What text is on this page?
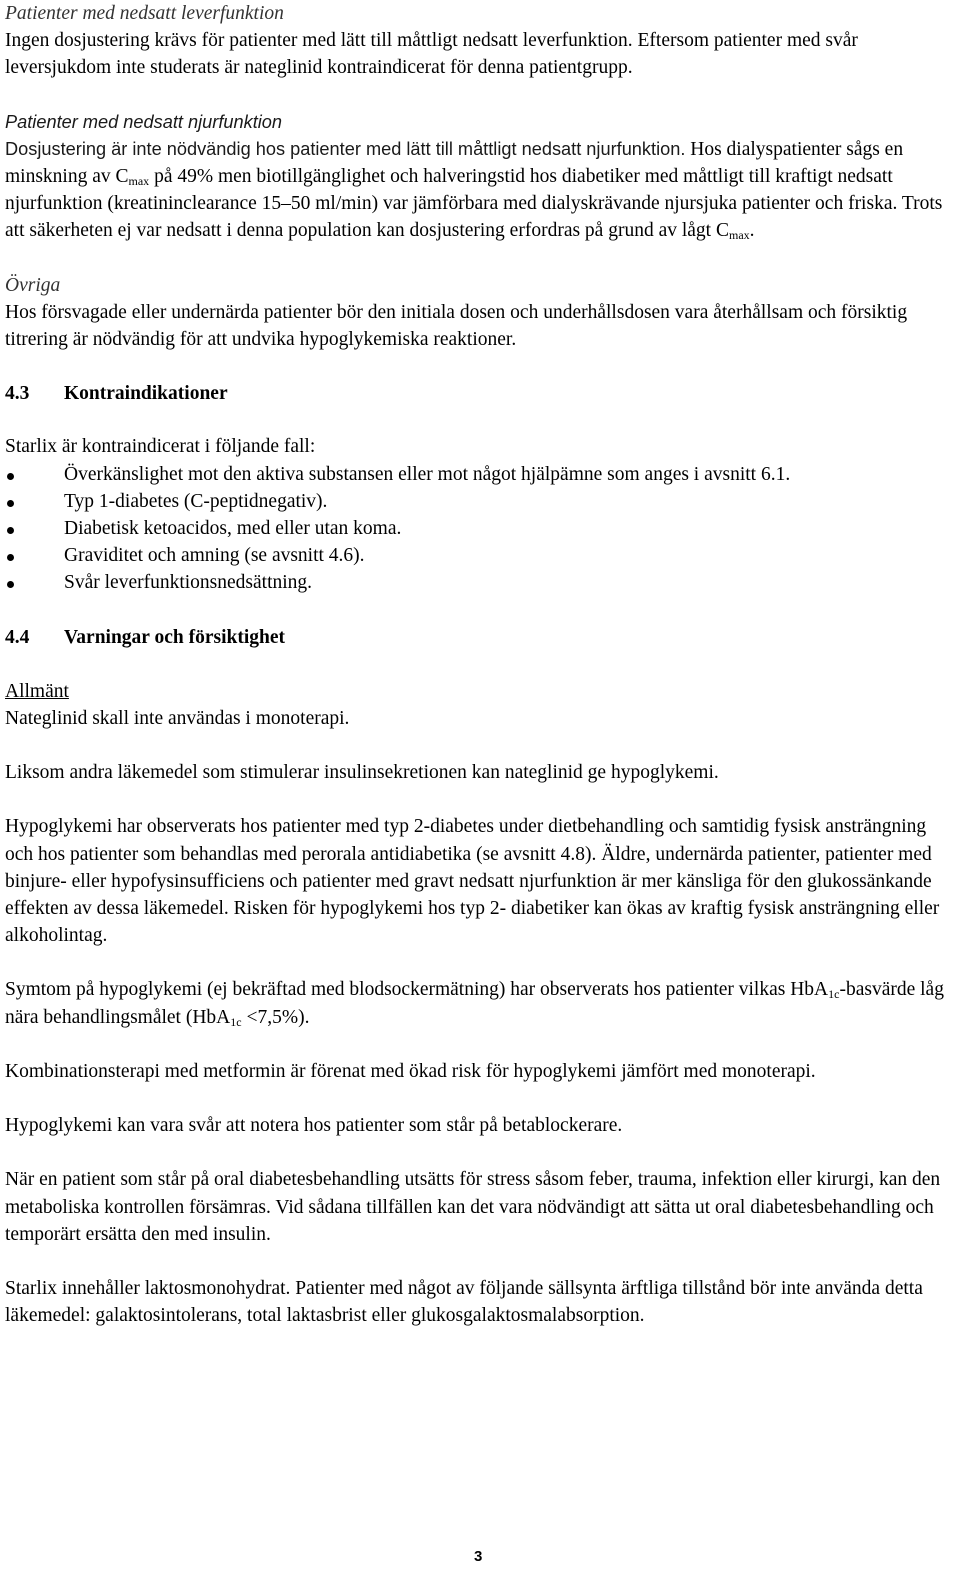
Patienter med nedsatt leverfunktion

Ingen dosjustering krävs för patienter med lätt till måttligt nedsatt leverfunktion. Eftersom patienter med svår leversjukdom inte studerats är nateglinid kontraindicerat för denna patientgrupp.

Patienter med nedsatt njurfunktion

Dosjustering är inte nödvändig hos patienter med lätt till måttligt nedsatt njurfunktion. Hos dialyspatienter sågs en minskning av $C_{max}$ på 49% men biotillgänglighet och halveringstid hos diabetiker med måttligt till kraftigt nedsatt njurfunktion (kreatininclearance 15–50 ml/min) var jämförbara med dialyskrävande njursjuka patienter och friska. Trots att säkerheten ej var nedsatt i denna population kan dosjustering erfordras på grund av lågt $C_{max}$.

Övriga

Hos försvagade eller undernärda patienter bör den initiala dosen och underhållsdosen vara återhållsam och försiktig titrering är nödvändig för att undvika hypoglykemiska reaktioner.

4.3 Kontraindikationer

Starlix är kontraindicerat i följande fall:

Överkänslighet mot den aktiva substansen eller mot något hjälpämne som anges i avsnitt 6.1.
Typ 1-diabetes (C-peptidnegativ).
Diabetisk ketoacidos, med eller utan koma.
Graviditet och amning (se avsnitt 4.6).
Svår leverfunktionsnedsättning.

4.4 Varningar och försiktighet

Allmänt

Nateglinid skall inte användas i monoterapi.

Liksom andra läkemedel som stimulerar insulinsekretionen kan nateglinid ge hypoglykemi.

Hypoglykemi har observerats hos patienter med typ 2-diabetes under dietbehandling och samtidig fysisk ansträngning och hos patienter som behandlas med perorala antidiabetika (se avsnitt 4.8). Äldre, undernärda patienter, patienter med binjure- eller hypofysinsufficiens och patienter med gravt nedsatt njurfunktion är mer känsliga för den glukossänkande effekten av dessa läkemedel. Risken för hypoglykemi hos typ 2- diabetiker kan ökas av kraftig fysisk ansträngning eller alkoholintag.

Symtom på hypoglykemi (ej bekräftad med blodsockermätning) har observerats hos patienter vilkas HbA$_{1c}$-basvärde låg nära behandlingsmålet (HbA$_{1c}$ <7,5%).

Kombinationsterapi med metformin är förenat med ökad risk för hypoglykemi jämfört med monoterapi.

Hypoglykemi kan vara svår att notera hos patienter som står på betablockerare.

När en patient som står på oral diabetesbehandling utsätts för stress såsom feber, trauma, infektion eller kirurgi, kan den metaboliska kontrollen försämras. Vid sådana tillfällen kan det vara nödvändigt att sätta ut oral diabetesbehandling och temporärt ersätta den med insulin.

Starlix innehåller laktosmonohydrat. Patienter med något av följande sällsynta ärftliga tillstånd bör inte använda detta läkemedel: galaktosintolerans, total laktasbrist eller glukosgalaktosmalabsorption.

3
